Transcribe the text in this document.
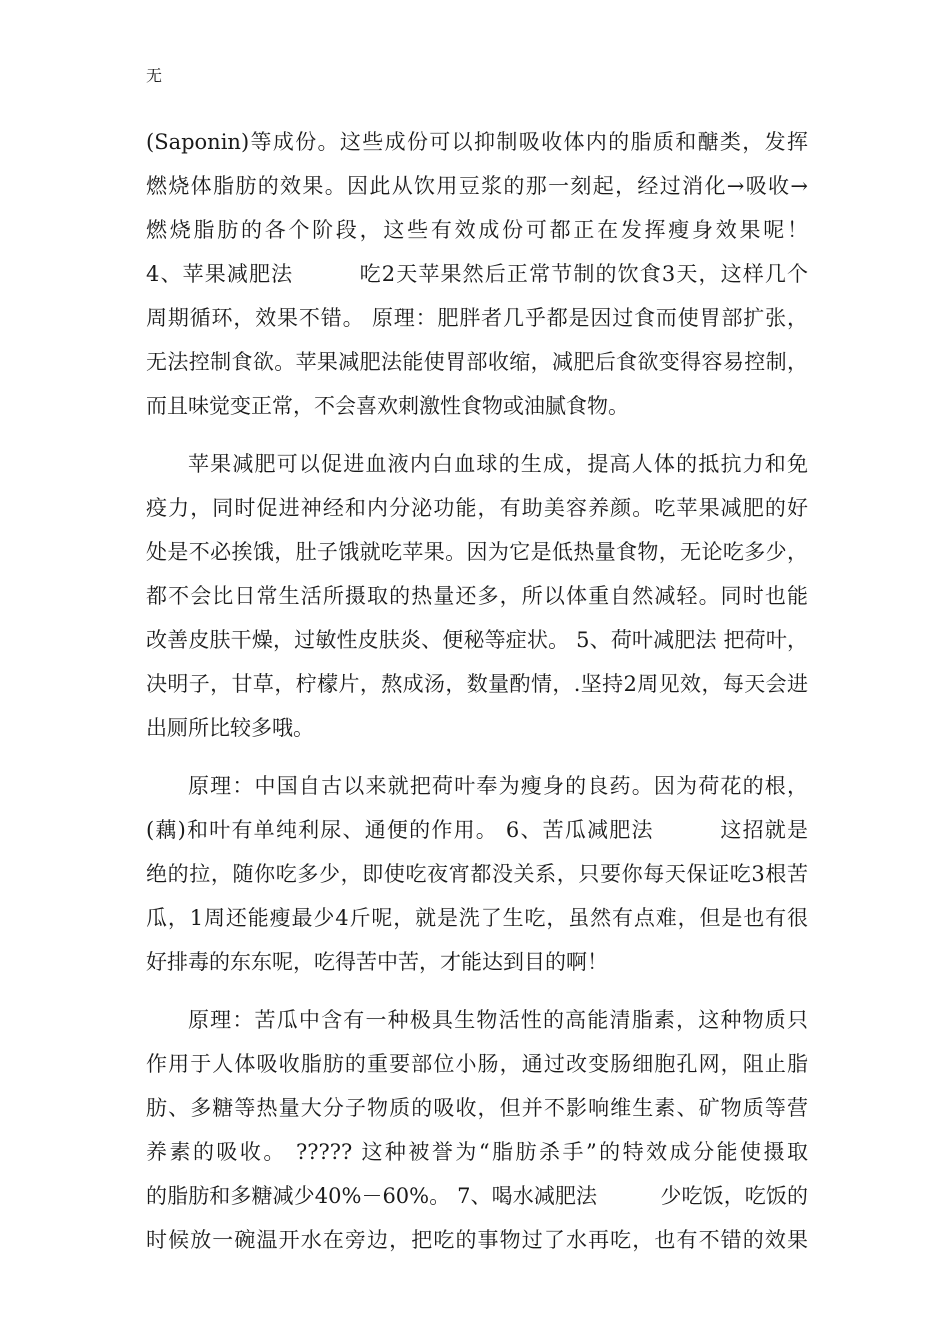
无
(Saponin)等成份。这些成份可以抑制吸收体内的脂质和醣类，发挥
燃烧体脂肪的效果。因此从饮用豆浆的那一刻起，经过消化→吸收→
燃烧脂肪的各个阶段，这些有效成份可都正在发挥瘦身效果呢！
4、苹果减肥法　　　吃2天苹果然后正常节制的饮食3天，这样几个
周期循环，效果不错。 原理：肥胖者几乎都是因过食而使胃部扩张，
无法控制食欲。苹果减肥法能使胃部收缩，减肥后食欲变得容易控制，
而且味觉变正常，不会喜欢刺激性食物或油腻食物。
苹果减肥可以促进血液内白血球的生成，提高人体的抵抗力和免
疫力，同时促进神经和内分泌功能，有助美容养颜。吃苹果减肥的好
处是不必挨饿，肚子饿就吃苹果。因为它是低热量食物，无论吃多少，
都不会比日常生活所摄取的热量还多，所以体重自然减轻。同时也能
改善皮肤干燥，过敏性皮肤炎、便秘等症状。 5、荷叶减肥法 把荷叶，
决明子，甘草，柠檬片，熬成汤，数量酌情，.坚持2周见效，每天会进
出厕所比较多哦。
原理：中国自古以来就把荷叶奉为瘦身的良药。因为荷花的根，
(藕)和叶有单纯利尿、通便的作用。 6、苦瓜减肥法　　　这招就是
绝的拉，随你吃多少，即使吃夜宵都没关系，只要你每天保证吃3根苦
瓜，1周还能瘦最少4斤呢，就是洗了生吃，虽然有点难，但是也有很
好排毒的东东呢，吃得苦中苦，才能达到目的啊！
原理：苦瓜中含有一种极具生物活性的高能清脂素，这种物质只
作用于人体吸收脂肪的重要部位小肠，通过改变肠细胞孔网，阻止脂
肪、多糖等热量大分子物质的吸收，但并不影响维生素、矿物质等营
养素的吸收。 ????? 这种被誉为“脂肪杀手”的特效成分能使摄取
的脂肪和多糖减少40%－60%。 7、喝水减肥法　　　少吃饭，吃饭的
时候放一碗温开水在旁边，把吃的事物过了水再吃，也有不错的效果
